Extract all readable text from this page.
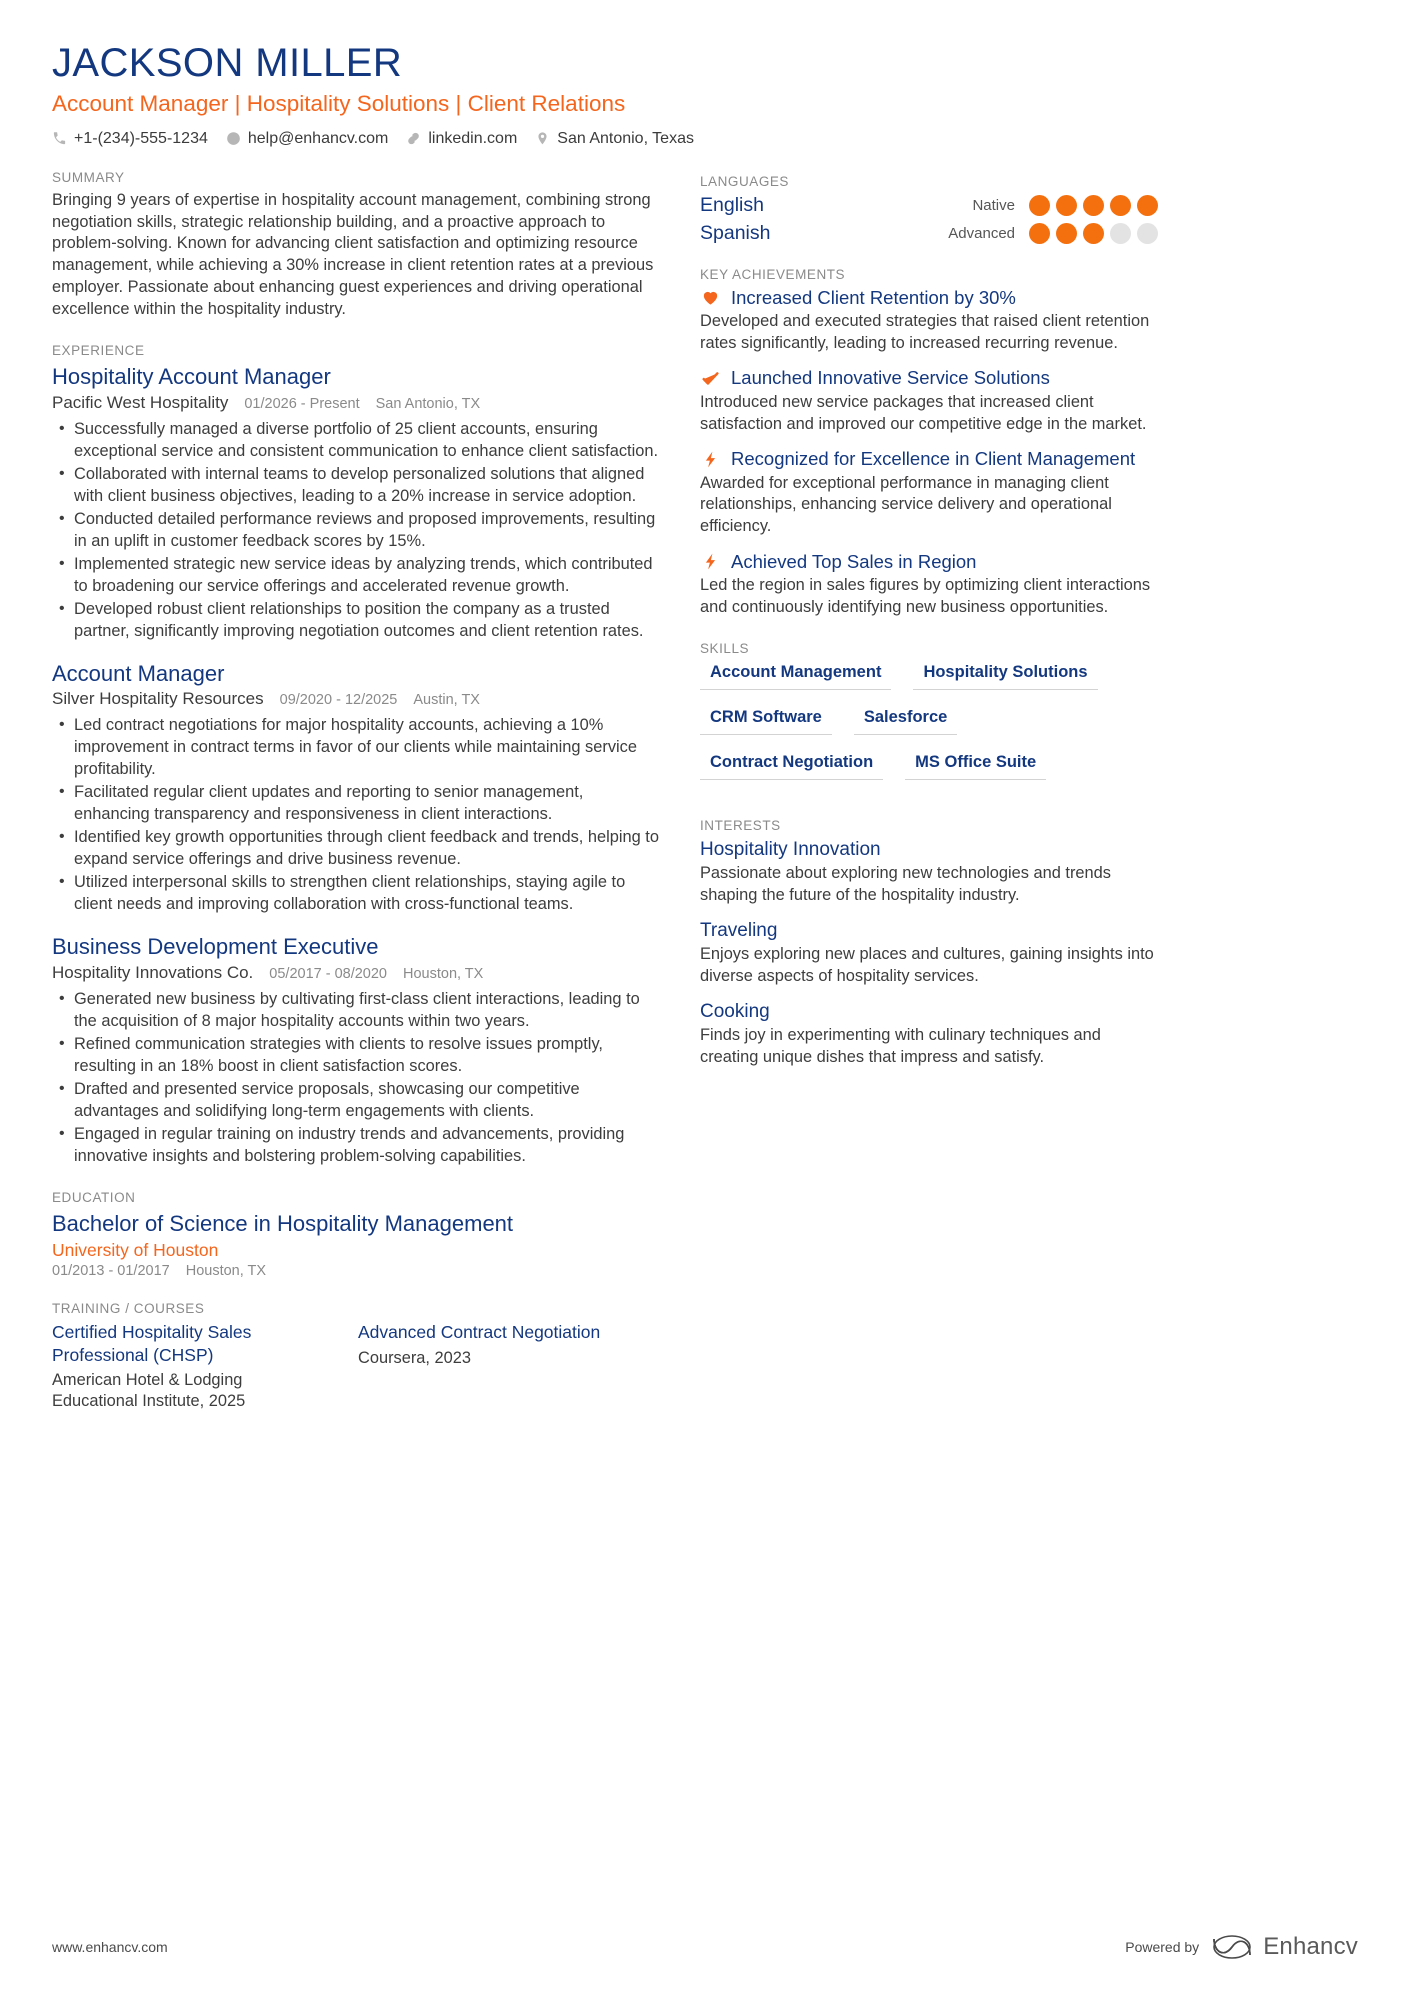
JACKSON MILLER
Account Manager | Hospitality Solutions | Client Relations
+1-(234)-555-1234	help@enhancv.com	linkedin.com	San Antonio, Texas
SUMMARY
Bringing 9 years of expertise in hospitality account management, combining strong negotiation skills, strategic relationship building, and a proactive approach to problem-solving. Known for advancing client satisfaction and optimizing resource management, while achieving a 30% increase in client retention rates at a previous employer. Passionate about enhancing guest experiences and driving operational excellence within the hospitality industry.
EXPERIENCE
Hospitality Account Manager
Pacific West Hospitality 01/2026 - Present San Antonio, TX
• Successfully managed a diverse portfolio of 25 client accounts, ensuring exceptional service and consistent communication to enhance client satisfaction.
• Collaborated with internal teams to develop personalized solutions that aligned with client business objectives, leading to a 20% increase in service adoption.
• Conducted detailed performance reviews and proposed improvements, resulting in an uplift in customer feedback scores by 15%.
• Implemented strategic new service ideas by analyzing trends, which contributed to broadening our service offerings and accelerated revenue growth.
• Developed robust client relationships to position the company as a trusted partner, significantly improving negotiation outcomes and client retention rates.
Account Manager
Silver Hospitality Resources 09/2020 - 12/2025 Austin, TX
• Led contract negotiations for major hospitality accounts, achieving a 10% improvement in contract terms in favor of our clients while maintaining service profitability.
• Facilitated regular client updates and reporting to senior management, enhancing transparency and responsiveness in client interactions.
• Identified key growth opportunities through client feedback and trends, helping to expand service offerings and drive business revenue.
• Utilized interpersonal skills to strengthen client relationships, staying agile to client needs and improving collaboration with cross-functional teams.
Business Development Executive
Hospitality Innovations Co. 05/2017 - 08/2020 Houston, TX
• Generated new business by cultivating first-class client interactions, leading to the acquisition of 8 major hospitality accounts within two years.
• Refined communication strategies with clients to resolve issues promptly, resulting in an 18% boost in client satisfaction scores.
• Drafted and presented service proposals, showcasing our competitive advantages and solidifying long-term engagements with clients.
• Engaged in regular training on industry trends and advancements, providing innovative insights and bolstering problem-solving capabilities.
EDUCATION
Bachelor of Science in Hospitality Management
University of Houston
01/2013 - 01/2017 Houston, TX
TRAINING / COURSES
Certified Hospitality Sales Professional (CHSP)
American Hotel & Lodging Educational Institute, 2025
Advanced Contract Negotiation
Coursera, 2023
LANGUAGES
English	Native
Spanish	Advanced
KEY ACHIEVEMENTS
Increased Client Retention by 30%
Developed and executed strategies that raised client retention rates significantly, leading to increased recurring revenue.
Launched Innovative Service Solutions
Introduced new service packages that increased client satisfaction and improved our competitive edge in the market.
Recognized for Excellence in Client Management
Awarded for exceptional performance in managing client relationships, enhancing service delivery and operational efficiency.
Achieved Top Sales in Region
Led the region in sales figures by optimizing client interactions and continuously identifying new business opportunities.
SKILLS
Account Management	Hospitality Solutions
CRM Software	Salesforce
Contract Negotiation	MS Office Suite
INTERESTS
Hospitality Innovation
Passionate about exploring new technologies and trends shaping the future of the hospitality industry.
Traveling
Enjoys exploring new places and cultures, gaining insights into diverse aspects of hospitality services.
Cooking
Finds joy in experimenting with culinary techniques and creating unique dishes that impress and satisfy.
www.enhancv.com	Powered by	Enhancv
